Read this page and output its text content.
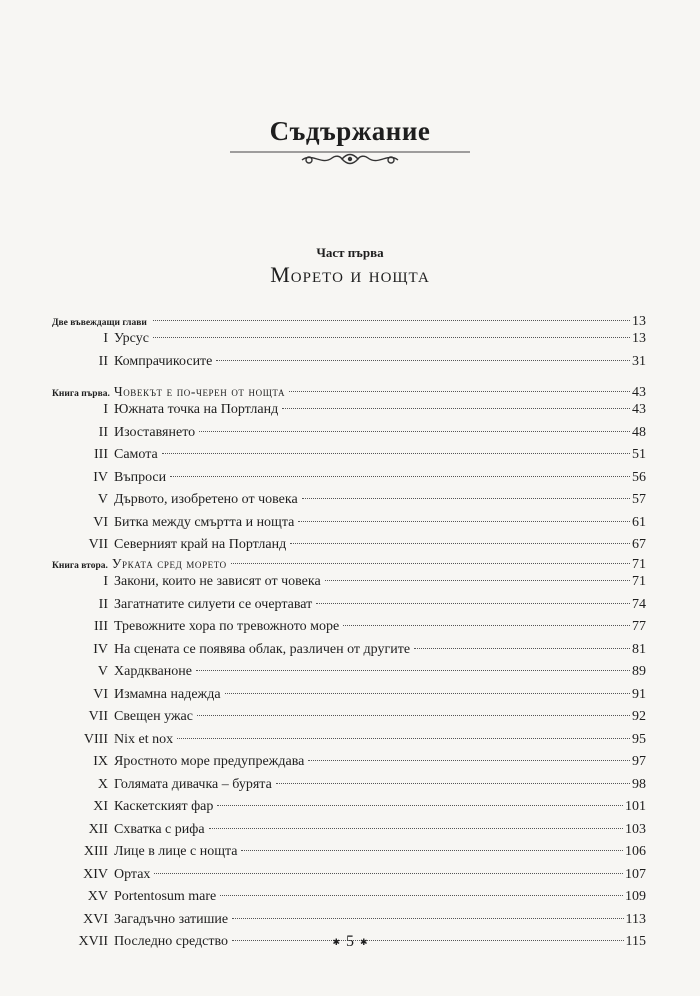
Съдържание
Част първа
Морето и нощта
Две въвеждащи глави	13
I Урсус	13
II Компрачикосите	31
Книга първа. Човекът е по-черен от нощта	43
I Южната точка на Портланд	43
II Изоставянето	48
III Самота	51
IV Въпроси	56
V Дървото, изобретено от човека	57
VI Битка между смъртта и нощта	61
VII Северният край на Портланд	67
Книга втора. Урката сред морето	71
I Закони, които не зависят от човека	71
II Загатнатите силуети се очертават	74
III Тревожните хора по тревожното море	77
IV На сцената се появява облак, различен от другите	81
V Хардкваноне	89
VI Измамна надежда	91
VII Свещен ужас	92
VIII Nix et nox	95
IX Яростното море предупреждава	97
X Голямата дивачка – бурята	98
XI Каскетският фар	101
XII Схватка с рифа	103
XIII Лице в лице с нощта	106
XIV Ортах	107
XV Portentosum mare	109
XVI Загадъчно затишие	113
XVII Последно средство	115
✱ 5 ✱
